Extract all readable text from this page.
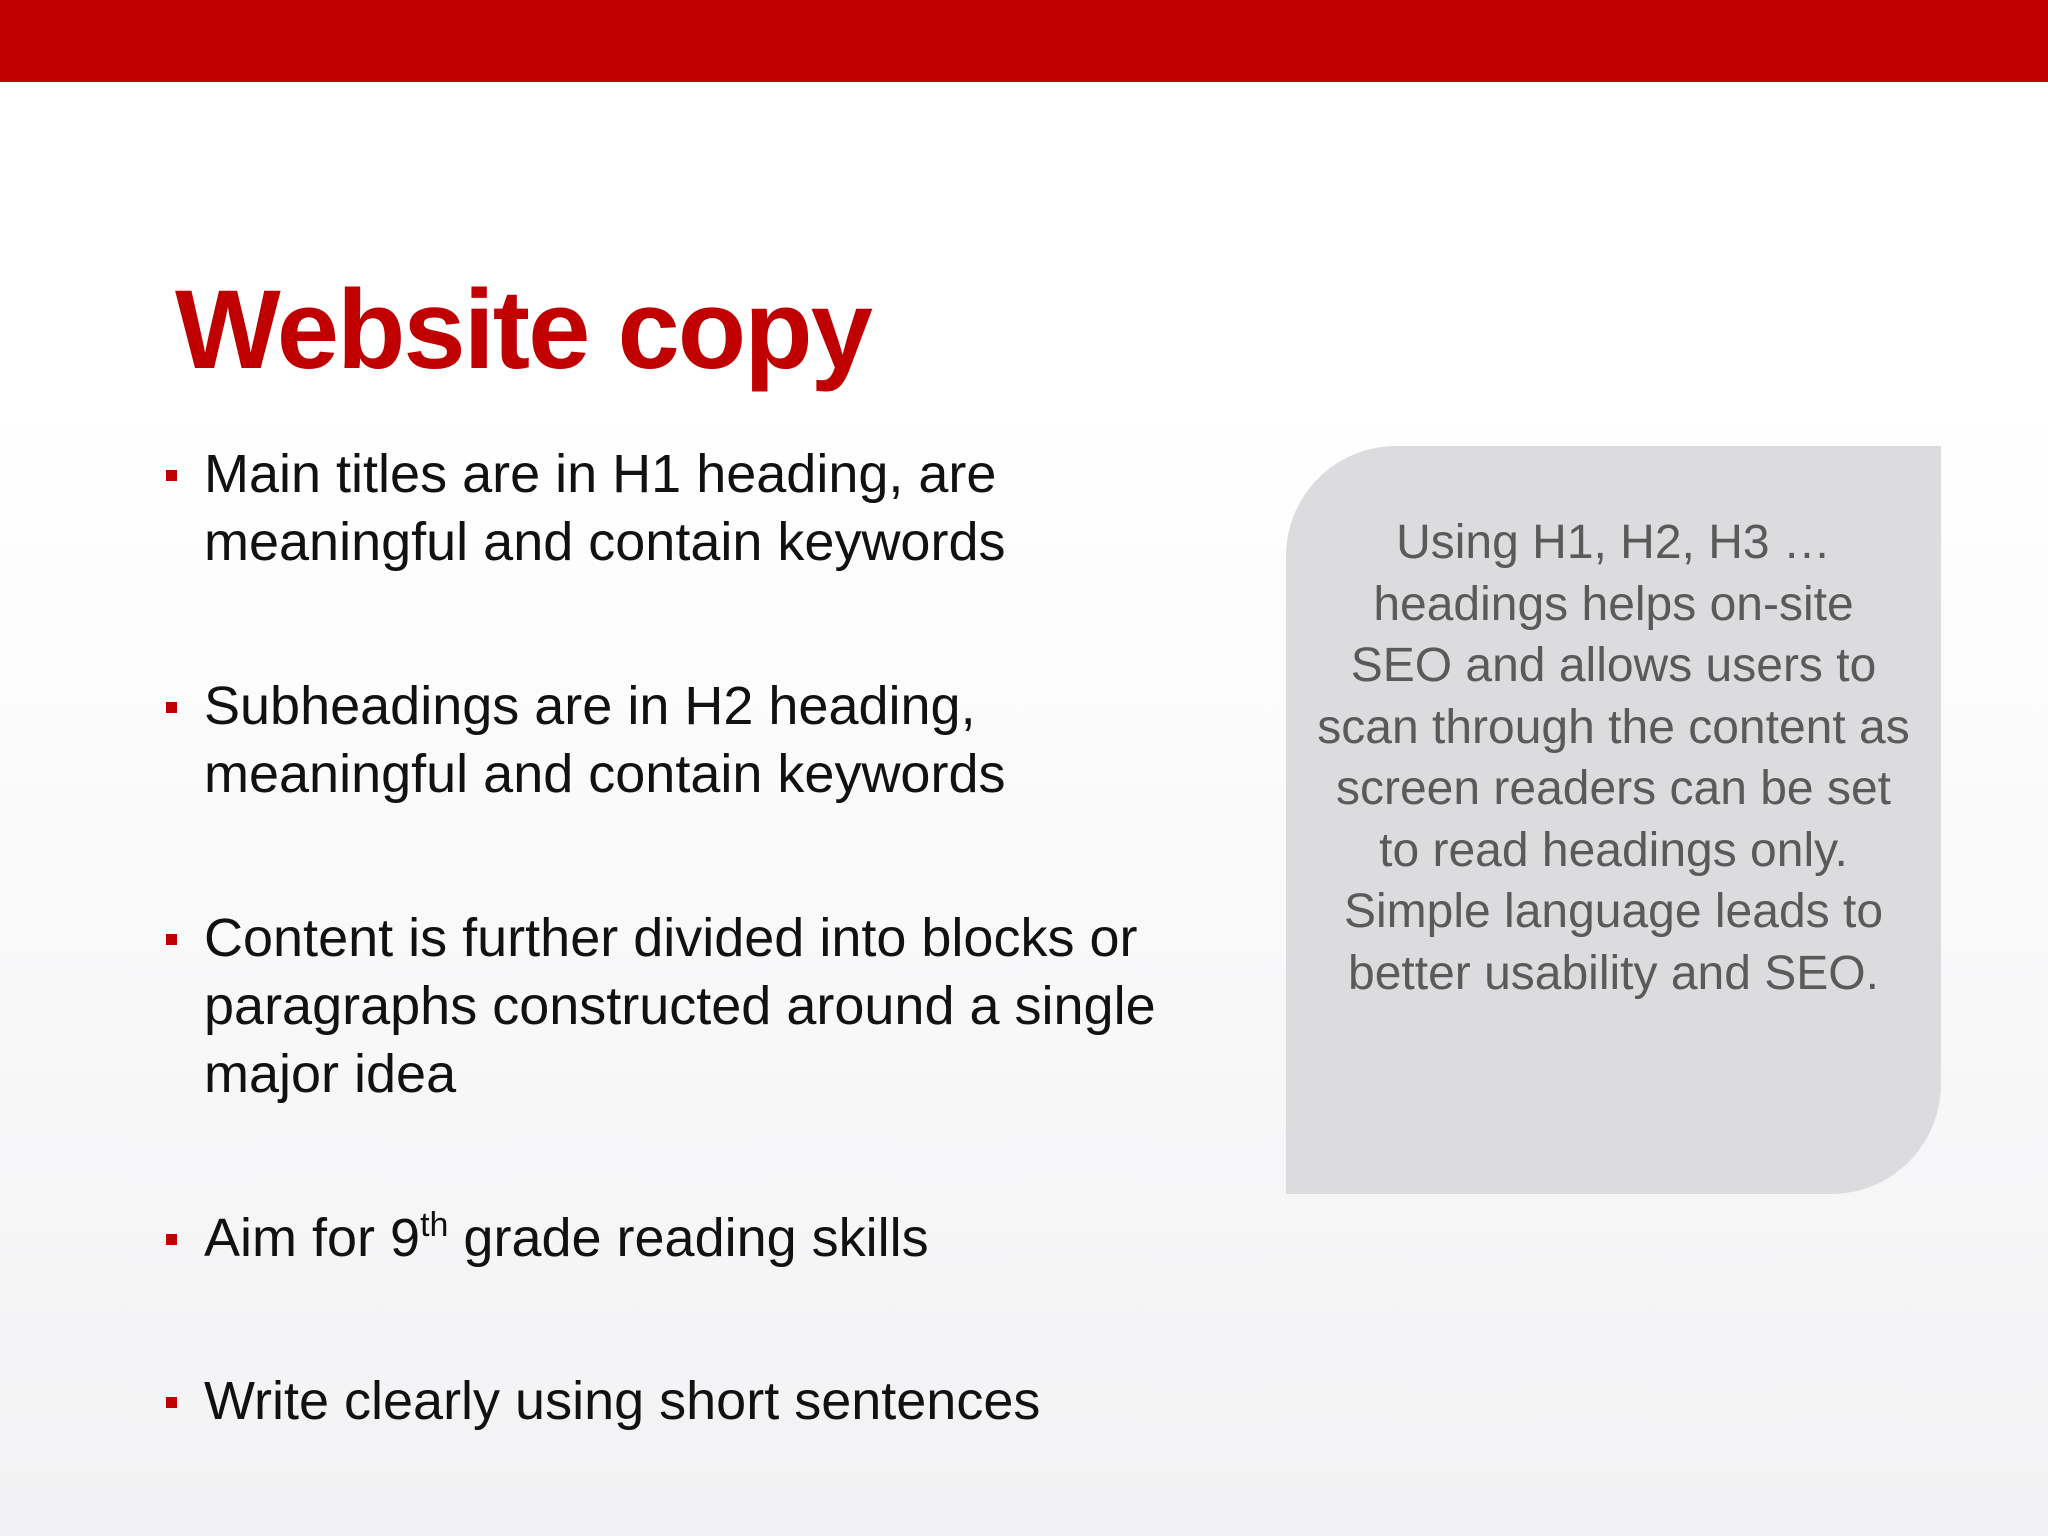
Website copy
Main titles are in H1 heading, are meaningful and contain keywords
Subheadings are in H2 heading, meaningful and contain keywords
Content is further divided into blocks or paragraphs constructed around a single major idea
Aim for 9th grade reading skills
Write clearly using short sentences
Using H1, H2, H3 … headings helps on-site SEO and allows users to scan through the content as screen readers can be set to read headings only. Simple language leads to better usability and SEO.
